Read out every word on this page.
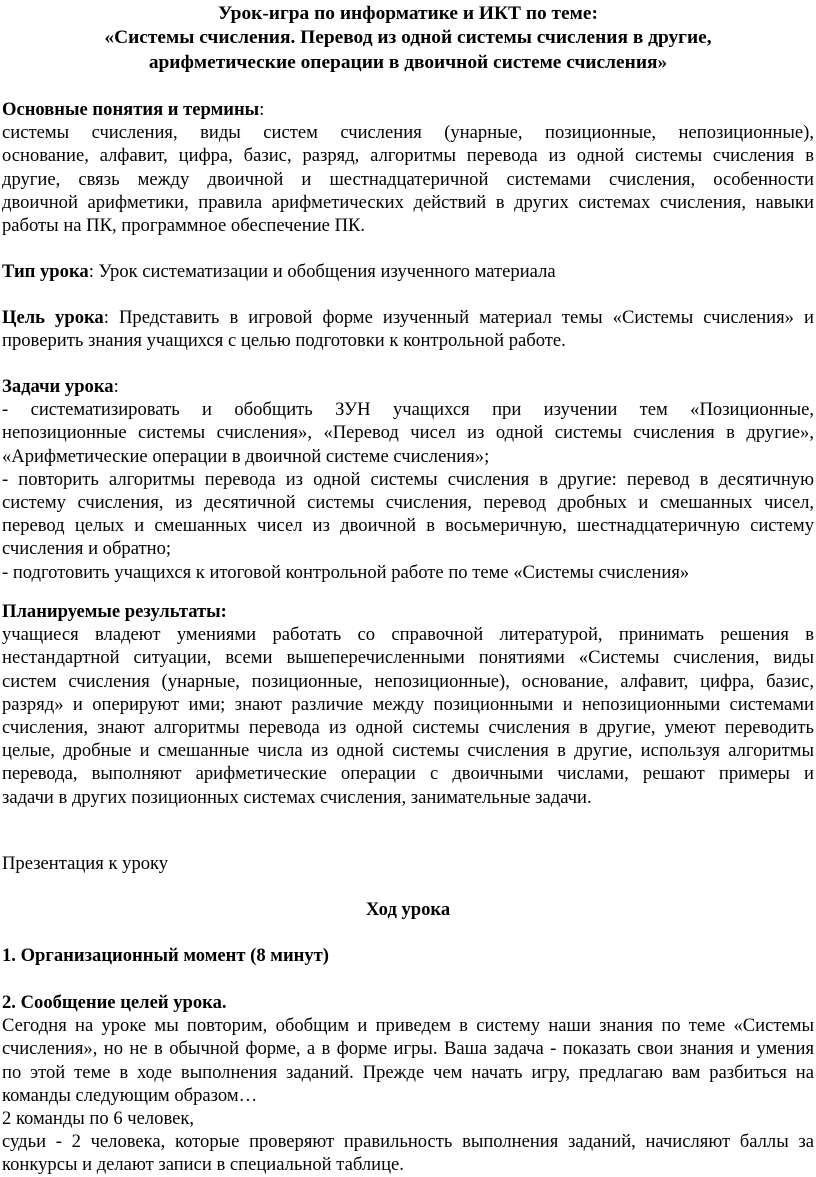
Урок-игра по информатике и ИКТ по теме:
«Системы счисления. Перевод из одной системы счисления в другие,
арифметические операции в двоичной системе счисления»
Основные понятия и термины:
системы счисления, виды систем счисления (унарные, позиционные, непозиционные),
основание, алфавит, цифра, базис, разряд, алгоритмы перевода из одной системы счисления в
другие, связь между двоичной и шестнадцатеричной системами счисления, особенности
двоичной арифметики, правила арифметических действий в других системах счисления, навыки
работы на ПК, программное обеспечение ПК.
Тип урока: Урок систематизации и обобщения изученного материала
Цель урока: Представить в игровой форме изученный материал темы «Системы счисления» и
проверить знания учащихся с целью подготовки к контрольной работе.
Задачи урока:
- систематизировать и обобщить ЗУН учащихся при изучении тем «Позиционные,
непозиционные системы счисления», «Перевод чисел из одной системы счисления в другие»,
«Арифметические операции в двоичной системе счисления»;
- повторить алгоритмы перевода из одной системы счисления в другие: перевод в десятичную
систему счисления, из десятичной системы счисления, перевод дробных и смешанных чисел,
перевод целых и смешанных чисел из двоичной в восьмеричную, шестнадцатеричную систему
счисления и обратно;
- подготовить учащихся к итоговой контрольной работе по теме «Системы счисления»
Планируемые результаты:
учащиеся владеют умениями работать со справочной литературой, принимать решения в
нестандартной ситуации, всеми вышеперечисленными понятиями «Системы счисления, виды
систем счисления (унарные, позиционные, непозиционные), основание, алфавит, цифра, базис,
разряд» и оперируют ими; знают различие между позиционными и непозиционными системами
счисления, знают алгоритмы перевода из одной системы счисления в другие, умеют переводить
целые, дробные и смешанные числа из одной системы счисления в другие, используя алгоритмы
перевода, выполняют арифметические операции с двоичными числами, решают примеры и
задачи в других позиционных системах счисления, занимательные задачи.
Презентация к уроку
Ход урока
1. Организационный момент (8 минут)
2. Сообщение целей урока.
Сегодня на уроке мы повторим, обобщим и приведем в систему наши знания по теме «Системы
счисления», но не в обычной форме, а в форме игры. Ваша задача - показать свои знания и умения
по этой теме в ходе выполнения заданий. Прежде чем начать игру, предлагаю вам разбиться на
команды следующим образом…
2 команды по 6 человек,
судьи - 2 человека, которые проверяют правильность выполнения заданий, начисляют баллы за
конкурсы и делают записи в специальной таблице.
